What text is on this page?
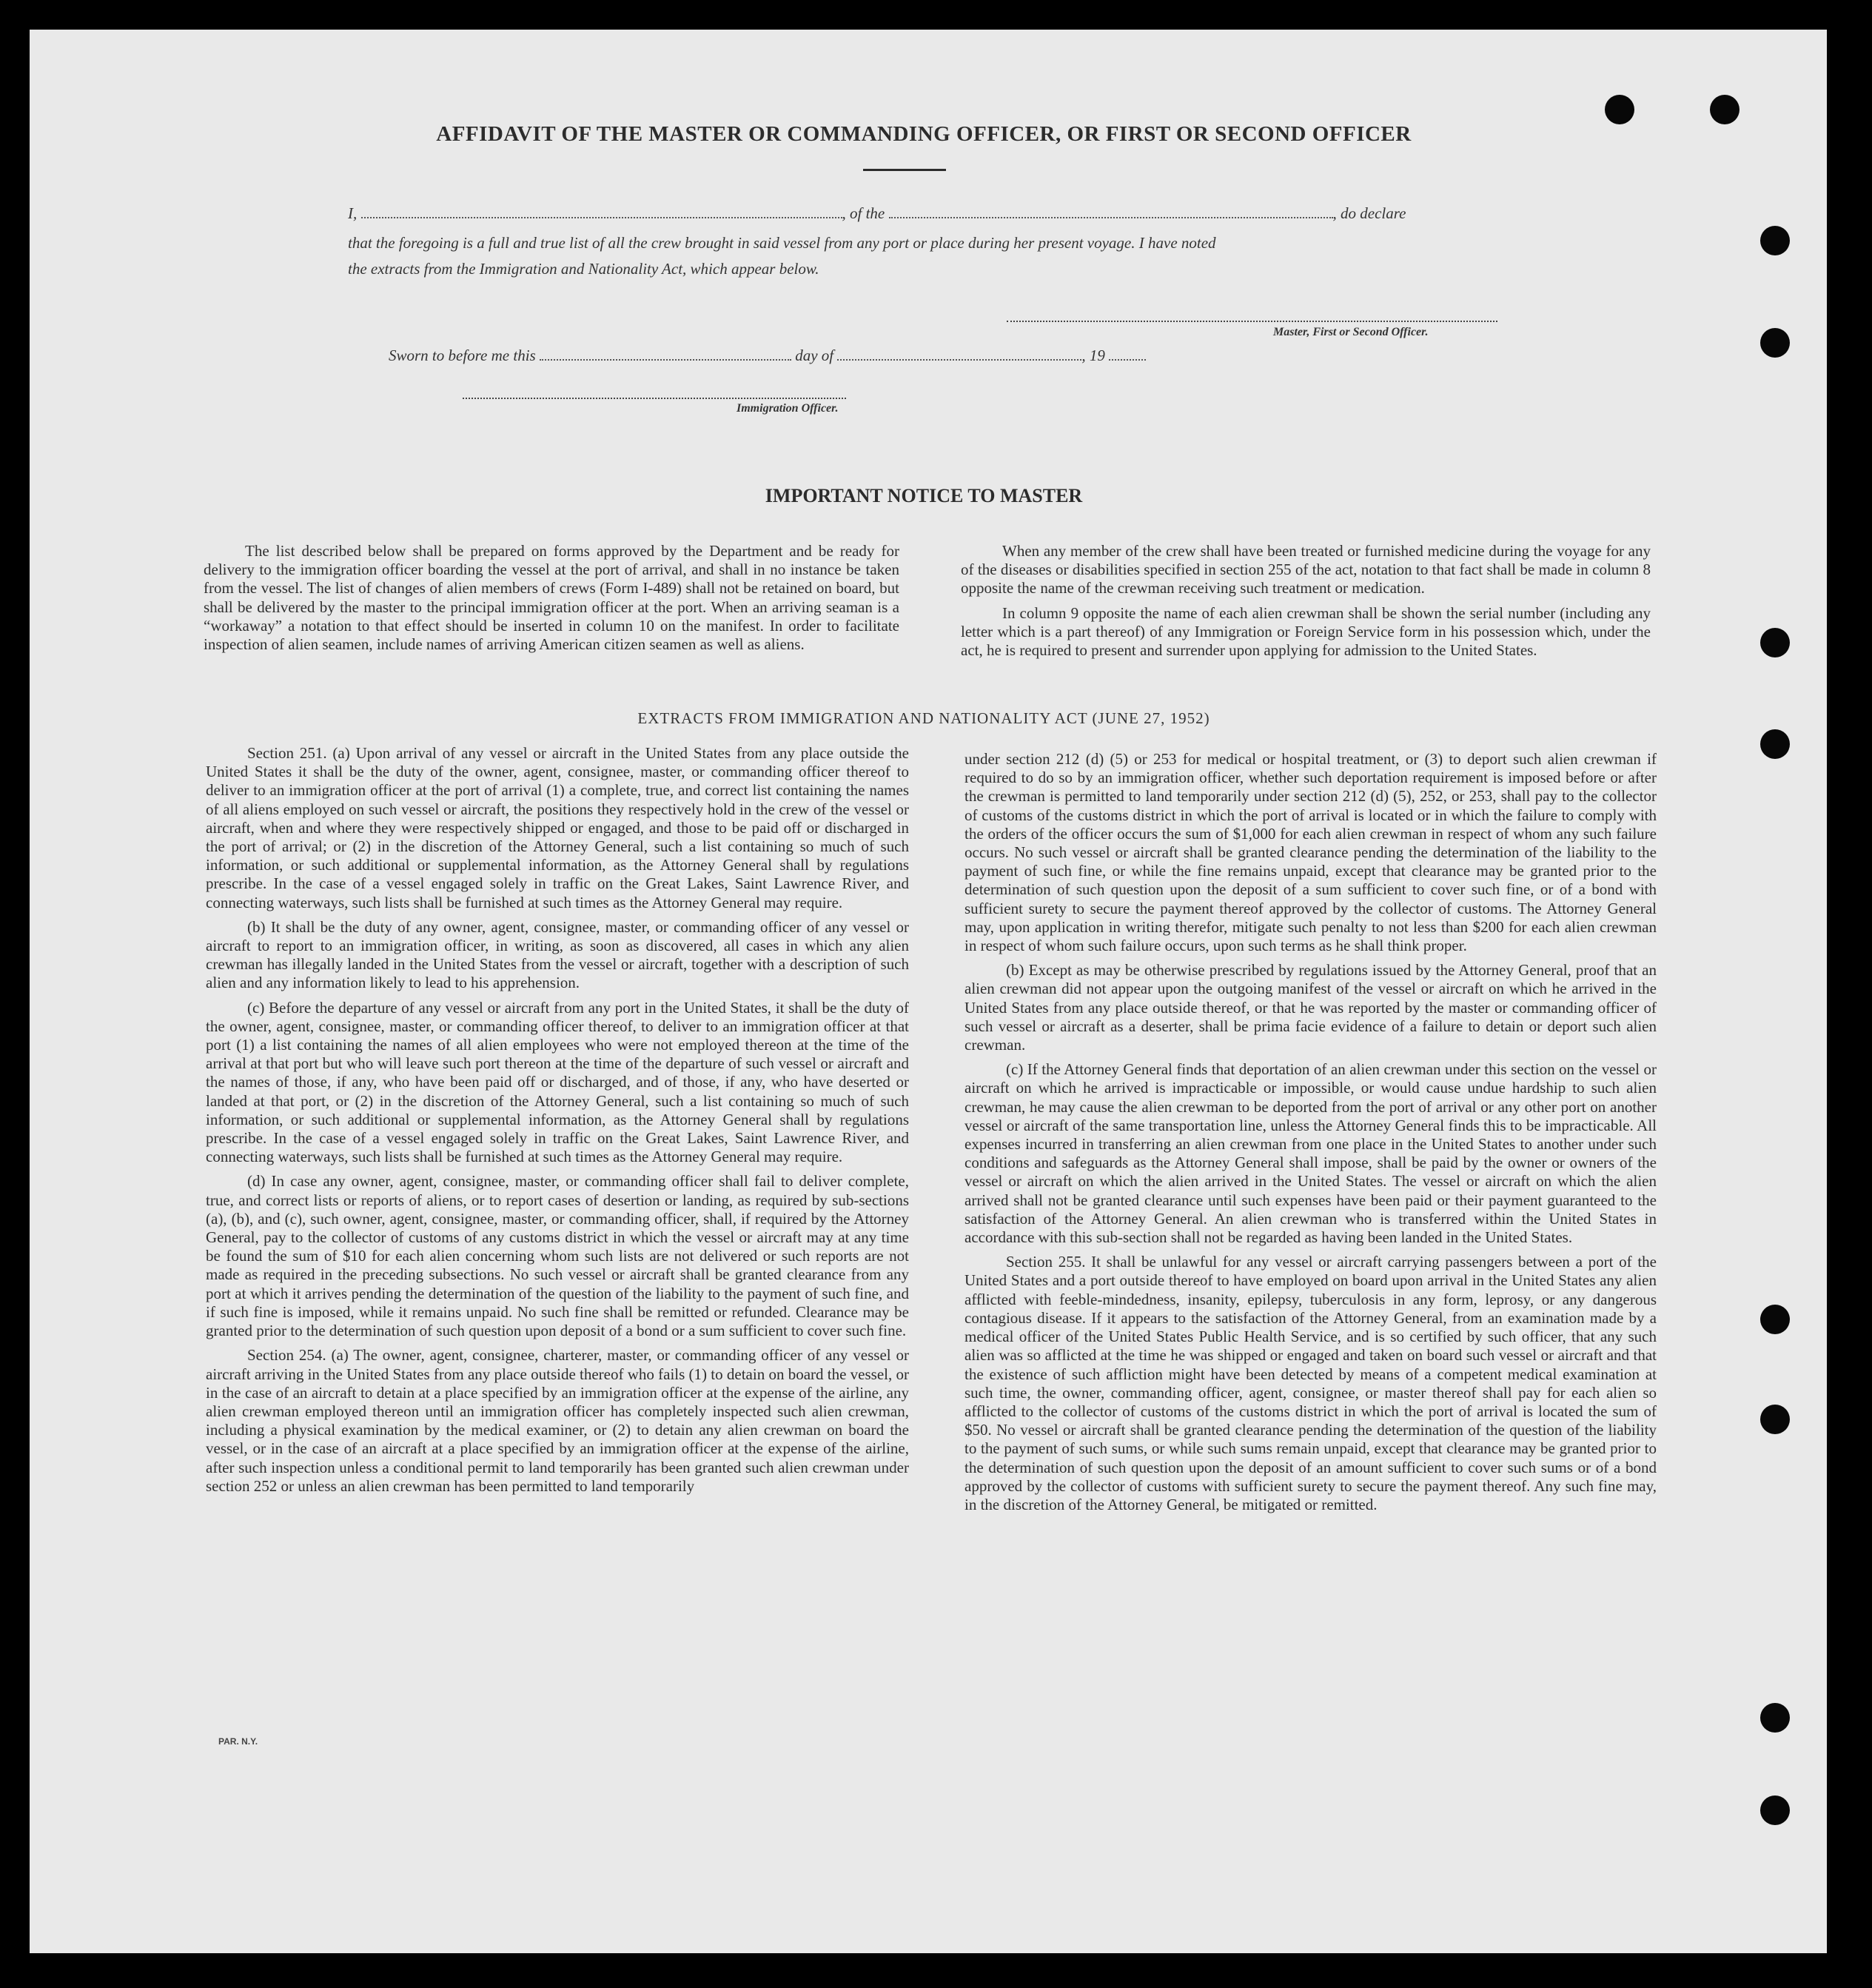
AFFIDAVIT OF THE MASTER OR COMMANDING OFFICER, OR FIRST OR SECOND OFFICER
I,	, of the	, do declare
that the foregoing is a full and true list of all the crew brought in said vessel from any port or place during her present voyage. I have noted
the extracts from the Immigration and Nationality Act, which appear below.
Master, First or Second Officer.
Sworn to before me this	day of	, 19
Immigration Officer.
IMPORTANT NOTICE TO MASTER

The list described below shall be prepared on forms approved by the Department and be ready for delivery to the immigration officer boarding the vessel at the port of arrival, and shall in no instance be taken from the vessel. The list of changes of alien members of crews (Form I-489) shall not be retained on board, but shall be delivered by the master to the principal immigration officer at the port. When an arriving seaman is a “workaway” a notation to that effect should be inserted in column 10 on the manifest. In order to facilitate inspection of alien seamen, include names of arriving American citizen seamen as well as aliens.

When any member of the crew shall have been treated or furnished medicine during the voyage for any of the diseases or disabilities specified in section 255 of the act, notation to that fact shall be made in column 8 opposite the name of the crewman receiving such treatment or medication.

In column 9 opposite the name of each alien crewman shall be shown the serial number (including any letter which is a part thereof) of any Immigration or Foreign Service form in his possession which, under the act, he is required to present and surrender upon applying for admission to the United States.

EXTRACTS FROM IMMIGRATION AND NATIONALITY ACT (JUNE 27, 1952)

Section 251. (a) Upon arrival of any vessel or aircraft in the United States from any place outside the United States it shall be the duty of the owner, agent, consignee, master, or commanding officer thereof to deliver to an immigration officer at the port of arrival (1) a complete, true, and correct list containing the names of all aliens employed on such vessel or aircraft, the positions they respectively hold in the crew of the vessel or aircraft, when and where they were respectively shipped or engaged, and those to be paid off or discharged in the port of arrival; or (2) in the discretion of the Attorney General, such a list containing so much of such information, or such additional or supplemental information, as the Attorney General shall by regulations prescribe. In the case of a vessel engaged solely in traffic on the Great Lakes, Saint Lawrence River, and connecting waterways, such lists shall be furnished at such times as the Attorney General may require.

(b) It shall be the duty of any owner, agent, consignee, master, or commanding officer of any vessel or aircraft to report to an immigration officer, in writing, as soon as discovered, all cases in which any alien crewman has illegally landed in the United States from the vessel or aircraft, together with a description of such alien and any information likely to lead to his apprehension.

(c) Before the departure of any vessel or aircraft from any port in the United States, it shall be the duty of the owner, agent, consignee, master, or commanding officer thereof, to deliver to an immigration officer at that port (1) a list containing the names of all alien employees who were not employed thereon at the time of the arrival at that port but who will leave such port thereon at the time of the departure of such vessel or aircraft and the names of those, if any, who have been paid off or discharged, and of those, if any, who have deserted or landed at that port, or (2) in the discretion of the Attorney General, such a list containing so much of such information, or such additional or supplemental information, as the Attorney General shall by regulations prescribe. In the case of a vessel engaged solely in traffic on the Great Lakes, Saint Lawrence River, and connecting waterways, such lists shall be furnished at such times as the Attorney General may require.

(d) In case any owner, agent, consignee, master, or commanding officer shall fail to deliver complete, true, and correct lists or reports of aliens, or to report cases of desertion or landing, as required by sub-sections (a), (b), and (c), such owner, agent, consignee, master, or commanding officer, shall, if required by the Attorney General, pay to the collector of customs of any customs district in which the vessel or aircraft may at any time be found the sum of $10 for each alien concerning whom such lists are not delivered or such reports are not made as required in the preceding subsections. No such vessel or aircraft shall be granted clearance from any port at which it arrives pending the determination of the question of the liability to the payment of such fine, and if such fine is imposed, while it remains unpaid. No such fine shall be remitted or refunded. Clearance may be granted prior to the determination of such question upon deposit of a bond or a sum sufficient to cover such fine.

Section 254. (a) The owner, agent, consignee, charterer, master, or commanding officer of any vessel or aircraft arriving in the United States from any place outside thereof who fails (1) to detain on board the vessel, or in the case of an aircraft to detain at a place specified by an immigration officer at the expense of the airline, any alien crewman employed thereon until an immigration officer has completely inspected such alien crewman, including a physical examination by the medical examiner, or (2) to detain any alien crewman on board the vessel, or in the case of an aircraft at a place specified by an immigration officer at the expense of the airline, after such inspection unless a conditional permit to land temporarily has been granted such alien crewman under section 252 or unless an alien crewman has been permitted to land temporarily

under section 212 (d) (5) or 253 for medical or hospital treatment, or (3) to deport such alien crewman if required to do so by an immigration officer, whether such deportation requirement is imposed before or after the crewman is permitted to land temporarily under section 212 (d) (5), 252, or 253, shall pay to the collector of customs of the customs district in which the port of arrival is located or in which the failure to comply with the orders of the officer occurs the sum of $1,000 for each alien crewman in respect of whom any such failure occurs. No such vessel or aircraft shall be granted clearance pending the determination of the liability to the payment of such fine, or while the fine remains unpaid, except that clearance may be granted prior to the determination of such question upon the deposit of a sum sufficient to cover such fine, or of a bond with sufficient surety to secure the payment thereof approved by the collector of customs. The Attorney General may, upon application in writing therefor, mitigate such penalty to not less than $200 for each alien crewman in respect of whom such failure occurs, upon such terms as he shall think proper.

(b) Except as may be otherwise prescribed by regulations issued by the Attorney General, proof that an alien crewman did not appear upon the outgoing manifest of the vessel or aircraft on which he arrived in the United States from any place outside thereof, or that he was reported by the master or commanding officer of such vessel or aircraft as a deserter, shall be prima facie evidence of a failure to detain or deport such alien crewman.

(c) If the Attorney General finds that deportation of an alien crewman under this section on the vessel or aircraft on which he arrived is impracticable or impossible, or would cause undue hardship to such alien crewman, he may cause the alien crewman to be deported from the port of arrival or any other port on another vessel or aircraft of the same transportation line, unless the Attorney General finds this to be impracticable. All expenses incurred in transferring an alien crewman from one place in the United States to another under such conditions and safeguards as the Attorney General shall impose, shall be paid by the owner or owners of the vessel or aircraft on which the alien arrived in the United States. The vessel or aircraft on which the alien arrived shall not be granted clearance until such expenses have been paid or their payment guaranteed to the satisfaction of the Attorney General. An alien crewman who is transferred within the United States in accordance with this sub-section shall not be regarded as having been landed in the United States.

Section 255. It shall be unlawful for any vessel or aircraft carrying passengers between a port of the United States and a port outside thereof to have employed on board upon arrival in the United States any alien afflicted with feeble-mindedness, insanity, epilepsy, tuberculosis in any form, leprosy, or any dangerous contagious disease. If it appears to the satisfaction of the Attorney General, from an examination made by a medical officer of the United States Public Health Service, and is so certified by such officer, that any such alien was so afflicted at the time he was shipped or engaged and taken on board such vessel or aircraft and that the existence of such affliction might have been detected by means of a competent medical examination at such time, the owner, commanding officer, agent, consignee, or master thereof shall pay for each alien so afflicted to the collector of customs of the customs district in which the port of arrival is located the sum of $50. No vessel or aircraft shall be granted clearance pending the determination of the question of the liability to the payment of such sums, or while such sums remain unpaid, except that clearance may be granted prior to the determination of such question upon the deposit of an amount sufficient to cover such sums or of a bond approved by the collector of customs with sufficient surety to secure the payment thereof. Any such fine may, in the discretion of the Attorney General, be mitigated or remitted.

PAR. N.Y.
